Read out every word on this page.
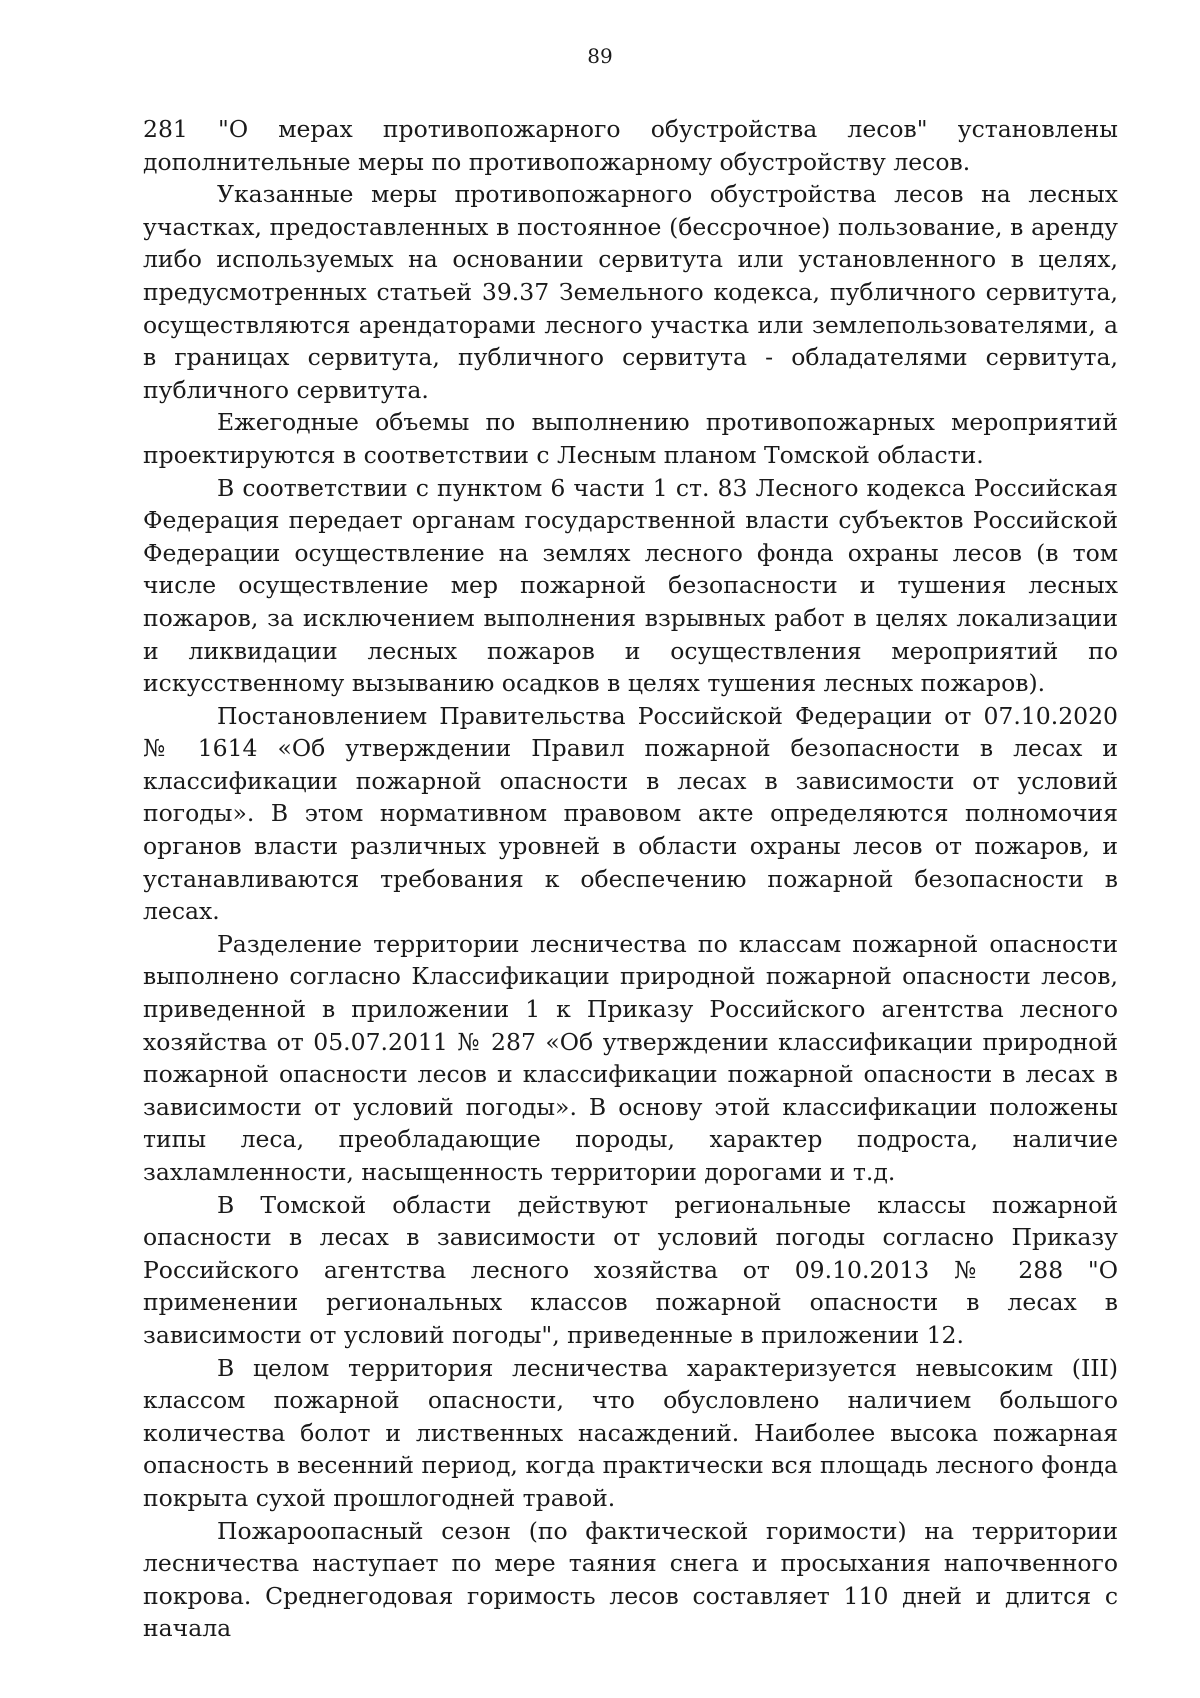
89

281 "О мерах противопожарного обустройства лесов" установлены дополнительные меры по противопожарному обустройству лесов.

Указанные меры противопожарного обустройства лесов на лесных участках, предоставленных в постоянное (бессрочное) пользование, в аренду либо используемых на основании сервитута или установленного в целях, предусмотренных статьей 39.37 Земельного кодекса, публичного сервитута, осуществляются арендаторами лесного участка или землепользователями, а в границах сервитута, публичного сервитута - обладателями сервитута, публичного сервитута.

Ежегодные объемы по выполнению противопожарных мероприятий проектируются в соответствии с Лесным планом Томской области.

В соответствии с пунктом 6 части 1 ст. 83 Лесного кодекса Российская Федерация передает органам государственной власти субъектов Российской Федерации осуществление на землях лесного фонда охраны лесов (в том числе осуществление мер пожарной безопасности и тушения лесных пожаров, за исключением выполнения взрывных работ в целях локализации и ликвидации лесных пожаров и осуществления мероприятий по искусственному вызыванию осадков в целях тушения лесных пожаров).

Постановлением Правительства Российской Федерации от 07.10.2020 № 1614 «Об утверждении Правил пожарной безопасности в лесах и классификации пожарной опасности в лесах в зависимости от условий погоды». В этом нормативном правовом акте определяются полномочия органов власти различных уровней в области охраны лесов от пожаров, и устанавливаются требования к обеспечению пожарной безопасности в лесах.

Разделение территории лесничества по классам пожарной опасности выполнено согласно Классификации природной пожарной опасности лесов, приведенной в приложении 1 к Приказу Российского агентства лесного хозяйства от 05.07.2011 № 287 «Об утверждении классификации природной пожарной опасности лесов и классификации пожарной опасности в лесах в зависимости от условий погоды». В основу этой классификации положены типы леса, преобладающие породы, характер подроста, наличие захламленности, насыщенность территории дорогами и т.д.

В Томской области действуют региональные классы пожарной опасности в лесах в зависимости от условий погоды согласно Приказу Российского агентства лесного хозяйства от 09.10.2013 № 288 "О применении региональных классов пожарной опасности в лесах в зависимости от условий погоды", приведенные в приложении 12.

В целом территория лесничества характеризуется невысоким (III) классом пожарной опасности, что обусловлено наличием большого количества болот и лиственных насаждений. Наиболее высока пожарная опасность в весенний период, когда практически вся площадь лесного фонда покрыта сухой прошлогодней травой.

Пожароопасный сезон (по фактической горимости) на территории лесничества наступает по мере таяния снега и просыхания напочвенного покрова. Среднегодовая горимость лесов составляет 110 дней и длится с начала
